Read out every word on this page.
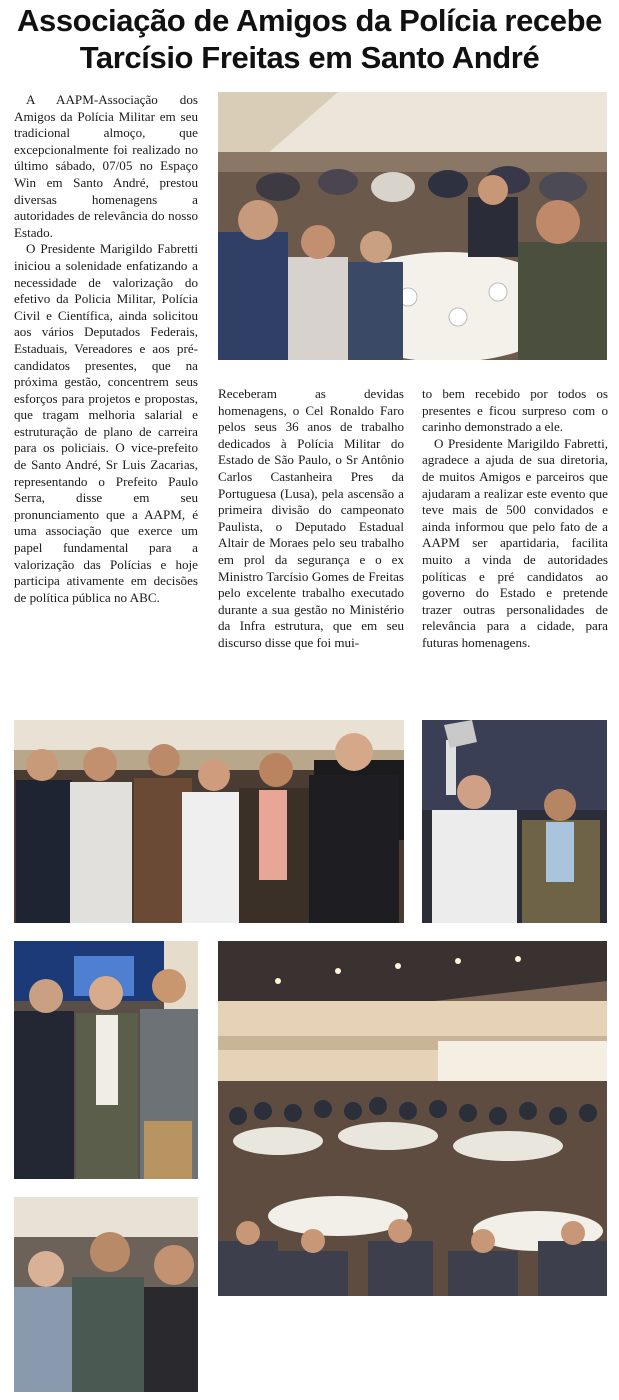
Associação de Amigos da Polícia recebe
Tarcísio Freitas em Santo André

A AAPM-Associação dos Amigos da Polícia Militar em seu tradicional almoço, que excepcionalmente foi realizado no último sábado, 07/05 no Espaço Win em Santo André, prestou diversas homenagens a autoridades de relevância do nosso Estado.

O Presidente Marigildo Fabretti iniciou a solenidade enfatizando a necessidade de valorização do efetivo da Policia Militar, Polícia Civil e Científica, ainda solicitou aos vários Deputados Federais, Estaduais, Vereadores e aos pré-candidatos presentes, que na próxima gestão, concentrem seus esforços para projetos e propostas, que tragam melhoria salarial e estruturação de plano de carreira para os policiais. O vice-prefeito de Santo André, Sr Luis Zacarias, representando o Prefeito Paulo Serra, disse em seu pronunciamento que a AAPM, é uma associação que exerce um papel fundamental para a valorização das Polícias e hoje participa ativamente em decisões de política pública no ABC.

Receberam as devidas homenagens, o Cel Ronaldo Faro pelos seus 36 anos de trabalho dedicados à Polícia Militar do Estado de São Paulo, o Sr Antônio Carlos Castanheira Pres da Portuguesa (Lusa), pela ascensão a primeira divisão do campeonato Paulista, o Deputado Estadual Altair de Moraes pelo seu trabalho em prol da segurança e o ex Ministro Tarcísio Gomes de Freitas pelo excelente trabalho executado durante a sua gestão no Ministério da Infra estrutura, que em seu discurso disse que foi mui-

to bem recebido por todos os presentes e ficou surpreso com o carinho demonstrado a ele.

O Presidente Marigildo Fabretti, agradece a ajuda de sua diretoria, de muitos Amigos e parceiros que ajudaram a realizar este evento que teve mais de 500 convidados e ainda informou que pelo fato de a AAPM ser apartidaria, facilita muito a vinda de autoridades políticas e pré candidatos ao governo do Estado e pretende trazer outras personalidades de relevância para a cidade, para futuras homenagens.
